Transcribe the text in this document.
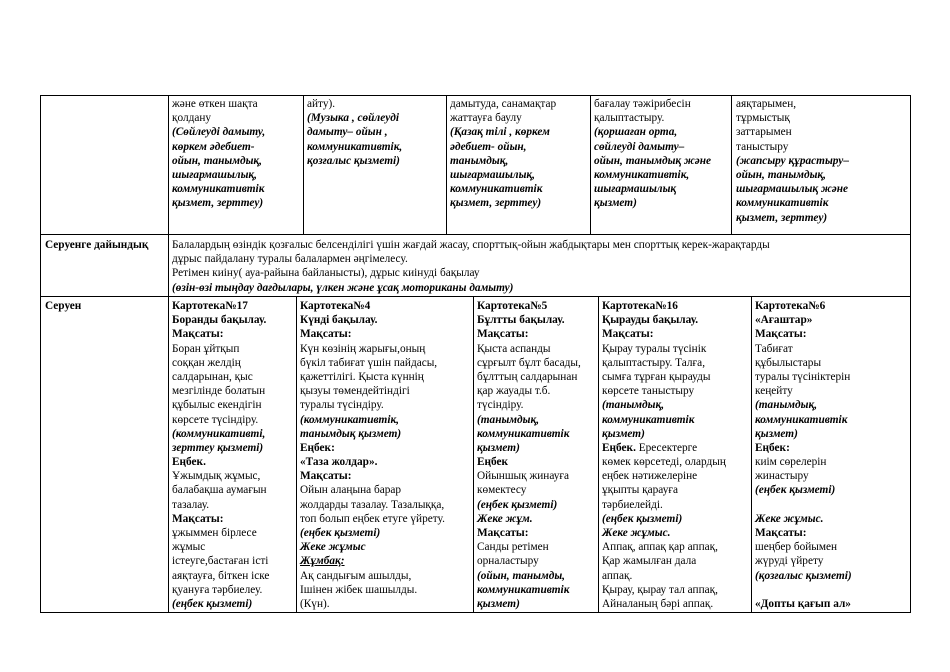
және өткен шақта
қолдану
(Сөйлеуді дамыту,
көркем әдебиет-
ойын, танымдық,
шығармашылық,
коммуникативтік
қызмет, зерттеу)
айту).
(Музыка , сөйлеуді
дамыту– ойын ,
коммуникативтік,
қозғалыс қызметі)
дамытуда, санамақтар
жаттауға баулу
(Қазақ тілі , көркем
әдебиет- ойын,
танымдық,
шығармашылық,
коммуникативтік
қызмет, зерттеу)
бағалау тәжірибесін
қалыптастыру.
(қоршаған орта,
сөйлеуді дамыту–
ойын, танымдық және
коммуникативтік,
шығармашылық
қызмет)
аяқтарымен,
тұрмыстық
заттарымен
таныстыру
(жапсыру құрастыру–
ойын, танымдық,
шығармашылық және
коммуникативтік
қызмет, зерттеу)
Серуенге дайындық Балалардың өзіндік қозғалыс белсенділігі үшін жағдай жасау, спорттық-ойын жабдықтары мен спорттық керек-жарақтарды
дұрыс пайдалану туралы балалармен әңгімелесу.
Ретімен киіну( ауа-райына байланысты), дұрыс киінуді бақылау
(өзін-өзі тыңдау дағдылары, үлкен және ұсақ моториканы дамыту)
Серуен	Картотека№17
Боранды бақылау.
Мақсаты:
Боран ұйтқып
соққан желдің
салдарынан, қыс
мезгілінде болатын
құбылыс екендігін
көрсете түсіндіру.
(коммуникативті,
зерттеу қызметі)
Еңбек.
Ұжымдық жұмыс,
балабақша аумағын
тазалау.
Мақсаты:
ұжыммен бірлесе
жұмыс
істеуге,бастаған істі
аяқтауға, біткен іске
қуануға тәрбиелеу.
(еңбек қызметі)
Картотека№4
Күнді бақылау.
Мақсаты:
Күн көзінің жарығы,оның
бүкіл табиғат үшін пайдасы,
қажеттілігі. Қыста күннің
қызуы төмендейтіндігі
туралы түсіндіру.
(коммуникативтік,
танымдық қызмет)
Еңбек:
«Таза жолдар».
Мақсаты:
Ойын алаңына барар
жолдарды тазалау. Тазалыққа,
топ болып еңбек етуге үйрету.
(еңбек қызметі)
Жеке жұмыс
Жұмбақ:
Ақ сандығым ашылды,
Ішінен жібек шашылды.
(Күн).
Картотека№5
Бұлтты бақылау.
Мақсаты:
Қыста аспанды
сұрғылт бұлт басады,
бұлттың салдарынан
қар жауады т.б.
түсіндіру.
(танымдық,
коммуникативтік
қызмет)
Еңбек
Ойыншық жинауға
көмектесу
(еңбек қызметі)
Жеке жұм.
Мақсаты:
Санды ретімен
орналастыру
(ойын, танымды,
коммуникативтік
қызмет)
Картотека№16
Қырауды бақылау.
Мақсаты:
Қырау туралы түсінік
қалыптастыру. Талға,
сымға тұрған қырауды
көрсете таныстыру
(танымдық,
коммуникативтік
қызмет)
Еңбек. Ересектерге
көмек көрсетеді, олардың
еңбек нәтижелеріне
ұқыпты қарауға
тәрбиелейді.
(еңбек қызметі)
Жеке жұмыс.
Аппақ, аппақ қар аппақ,
Қар жамылған дала
аппақ.
Қырау, қырау тал аппақ,
Айналаның бәрі аппақ.
Картотека№6
«Ағаштар»
Мақсаты:
Табиғат
құбылыстары
туралы түсініктерін
кеңейту
(танымдық,
коммуникативтік
қызмет)
Еңбек:
киім сөрелерін
жинастыру
(еңбек қызметі)
Жеке жұмыс.
Мақсаты:
шеңбер бойымен
жүруді үйрету
(қозғалыс қызметі)
«Допты қағып ал»
